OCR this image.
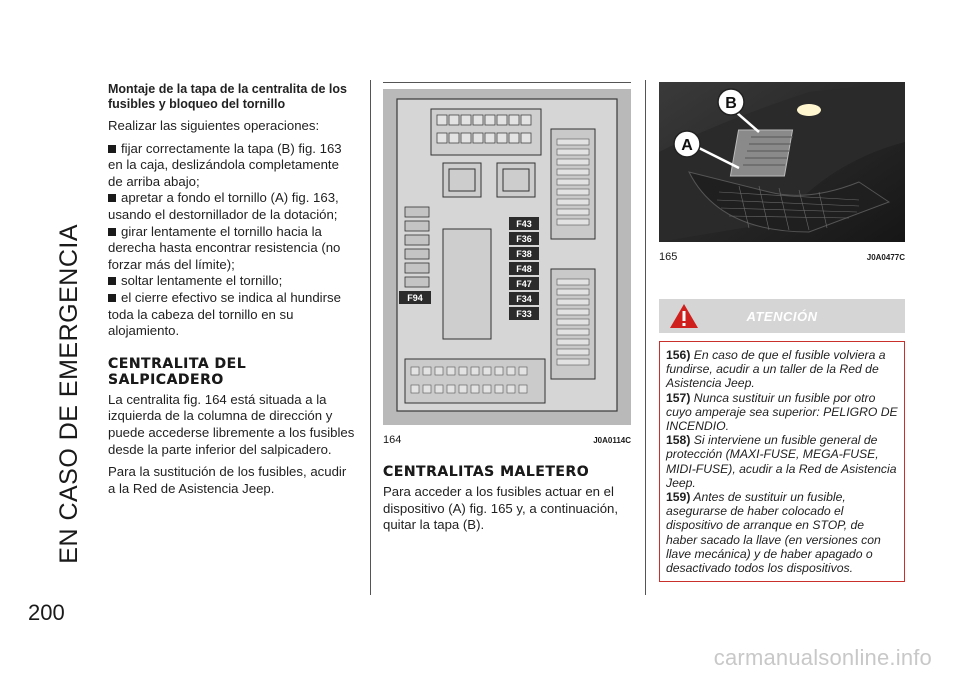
EN CASO DE EMERGENCIA
200
Montaje de la tapa de la centralita de los fusibles y bloqueo del tornillo

Realizar las siguientes operaciones:

fijar correctamente la tapa (B) fig. 163 en la caja, deslizándola completamente de arriba abajo;

apretar a fondo el tornillo (A) fig. 163, usando el destornillador de la dotación;

girar lentamente el tornillo hacia la derecha hasta encontrar resistencia (no forzar más del límite);

soltar lentamente el tornillo;

el cierre efectivo se indica al hundirse toda la cabeza del tornillo en su alojamiento.

CENTRALITA DEL SALPICADERO

La centralita fig. 164 está situada a la izquierda de la columna de dirección y puede accederse libremente a los fusibles desde la parte inferior del salpicadero.

Para la sustitución de los fusibles, acudir a la Red de Asistencia Jeep.

F94
F43
F36
F38
F48
F47
F34
F33
164	J0A0114C
CENTRALITAS MALETERO

Para acceder a los fusibles actuar en el dispositivo (A) fig. 165 y, a continuación, quitar la tapa (B).

A
B
165	J0A0477C
ATENCIÓN

156) En caso de que el fusible volviera a fundirse, acudir a un taller de la Red de Asistencia Jeep.

157) Nunca sustituir un fusible por otro cuyo amperaje sea superior: PELIGRO DE INCENDIO.

158) Si interviene un fusible general de protección (MAXI-FUSE, MEGA-FUSE, MIDI-FUSE), acudir a la Red de Asistencia Jeep.

159) Antes de sustituir un fusible, asegurarse de haber colocado el dispositivo de arranque en STOP, de haber sacado la llave (en versiones con llave mecánica) y de haber apagado o desactivado todos los dispositivos.

carmanualsonline.info
